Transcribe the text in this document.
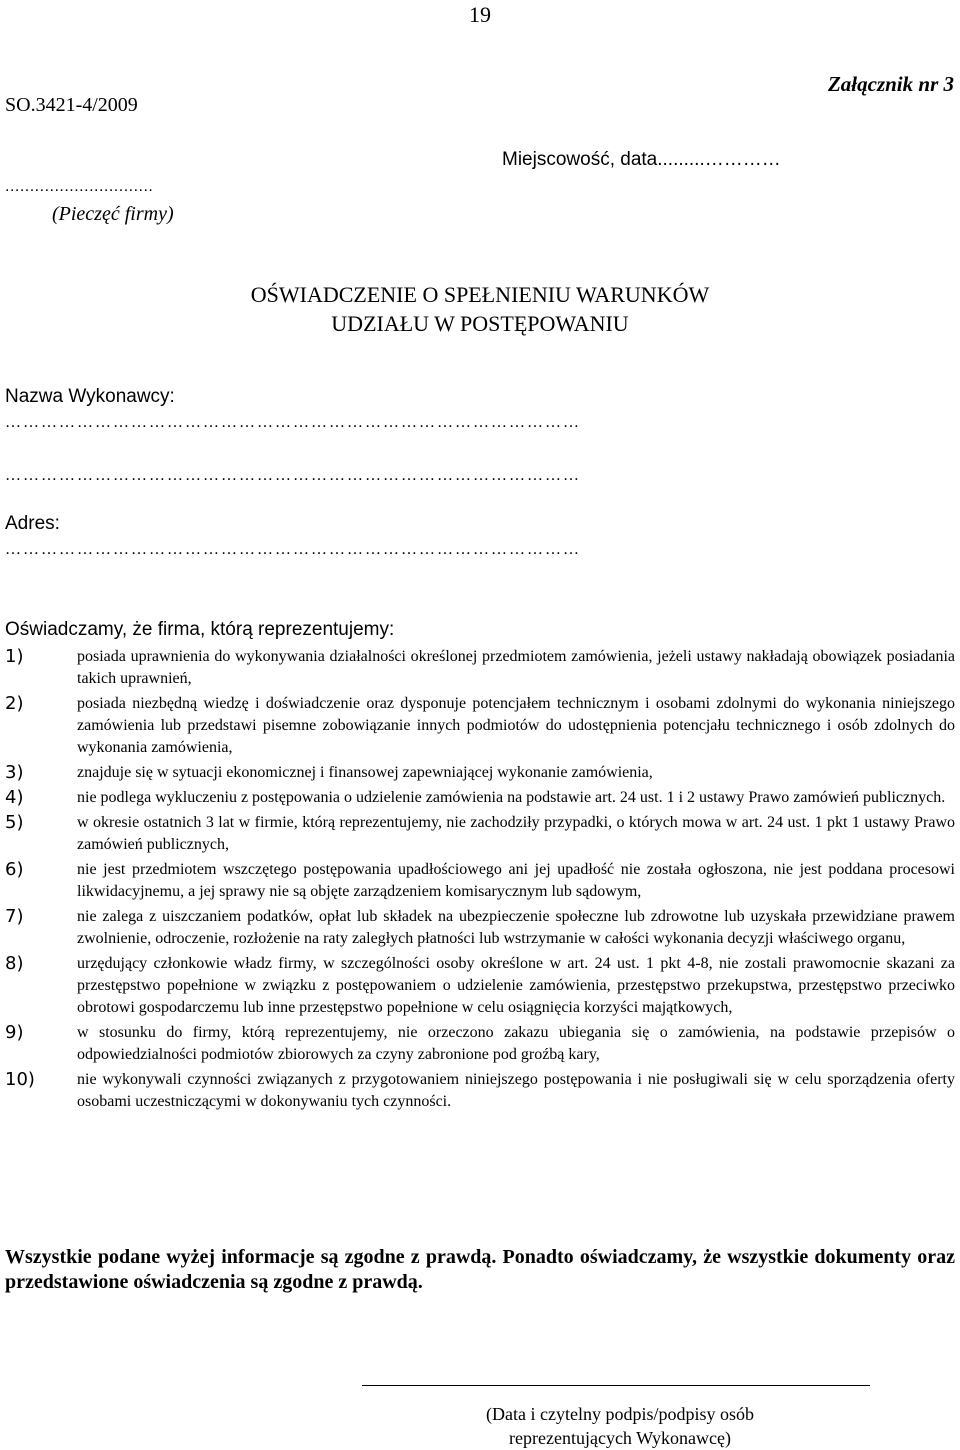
19
SO.3421-4/2009
Załącznik nr 3
Miejscowość, data.........…………
..............................
(Pieczęć firmy)
OŚWIADCZENIE O SPEŁNIENIU WARUNKÓW
UDZIAŁU W POSTĘPOWANIU
Nazwa Wykonawcy:
……………………………………………………………………………………
……………………………………………………………………………………
Adres:
……………………………………………………………………………………
Oświadczamy, że firma, którą reprezentujemy:
1)	posiada uprawnienia do wykonywania działalności określonej przedmiotem zamówienia, jeżeli ustawy nakładają obowiązek posiadania takich uprawnień,
2)	posiada niezbędną wiedzę i doświadczenie oraz dysponuje potencjałem technicznym i osobami zdolnymi do wykonania niniejszego zamówienia lub przedstawi pisemne zobowiązanie innych podmiotów do udostępnienia potencjału technicznego i osób zdolnych do wykonania zamówienia,
3)	znajduje się w sytuacji ekonomicznej i finansowej zapewniającej wykonanie zamówienia,
4)	nie podlega wykluczeniu z postępowania o udzielenie zamówienia na podstawie art. 24 ust. 1 i 2 ustawy Prawo zamówień publicznych.
5)	w okresie ostatnich 3 lat w firmie, którą reprezentujemy, nie zachodziły przypadki, o których mowa w art. 24 ust. 1 pkt 1 ustawy Prawo zamówień publicznych,
6)	nie jest przedmiotem wszczętego postępowania upadłościowego ani jej upadłość nie została ogłoszona, nie jest poddana procesowi likwidacyjnemu, a jej sprawy nie są objęte zarządzeniem komisarycznym lub sądowym,
7)	nie zalega z uiszczaniem podatków, opłat lub składek na ubezpieczenie społeczne lub zdrowotne lub uzyskała przewidziane prawem zwolnienie, odroczenie, rozłożenie na raty zaległych płatności lub wstrzymanie w całości wykonania decyzji właściwego organu,
8)	urzędujący członkowie władz firmy, w szczególności osoby określone w art. 24 ust. 1 pkt 4-8, nie zostali prawomocnie skazani za przestępstwo popełnione w związku z postępowaniem o udzielenie zamówienia, przestępstwo przekupstwa, przestępstwo przeciwko obrotowi gospodarczemu lub inne przestępstwo popełnione w celu osiągnięcia korzyści majątkowych,
9)	w stosunku do firmy, którą reprezentujemy, nie orzeczono zakazu ubiegania się o zamówienia, na podstawie przepisów o odpowiedzialności podmiotów zbiorowych za czyny zabronione pod groźbą kary,
10)	nie wykonywali czynności związanych z przygotowaniem niniejszego postępowania i nie posługiwali się w celu sporządzenia oferty osobami uczestniczącymi w dokonywaniu tych czynności.
Wszystkie podane wyżej informacje są zgodne z prawdą. Ponadto oświadczamy, że wszystkie dokumenty oraz przedstawione oświadczenia są zgodne z prawdą.
(Data i czytelny podpis/podpisy osób
reprezentujących Wykonawcę)
